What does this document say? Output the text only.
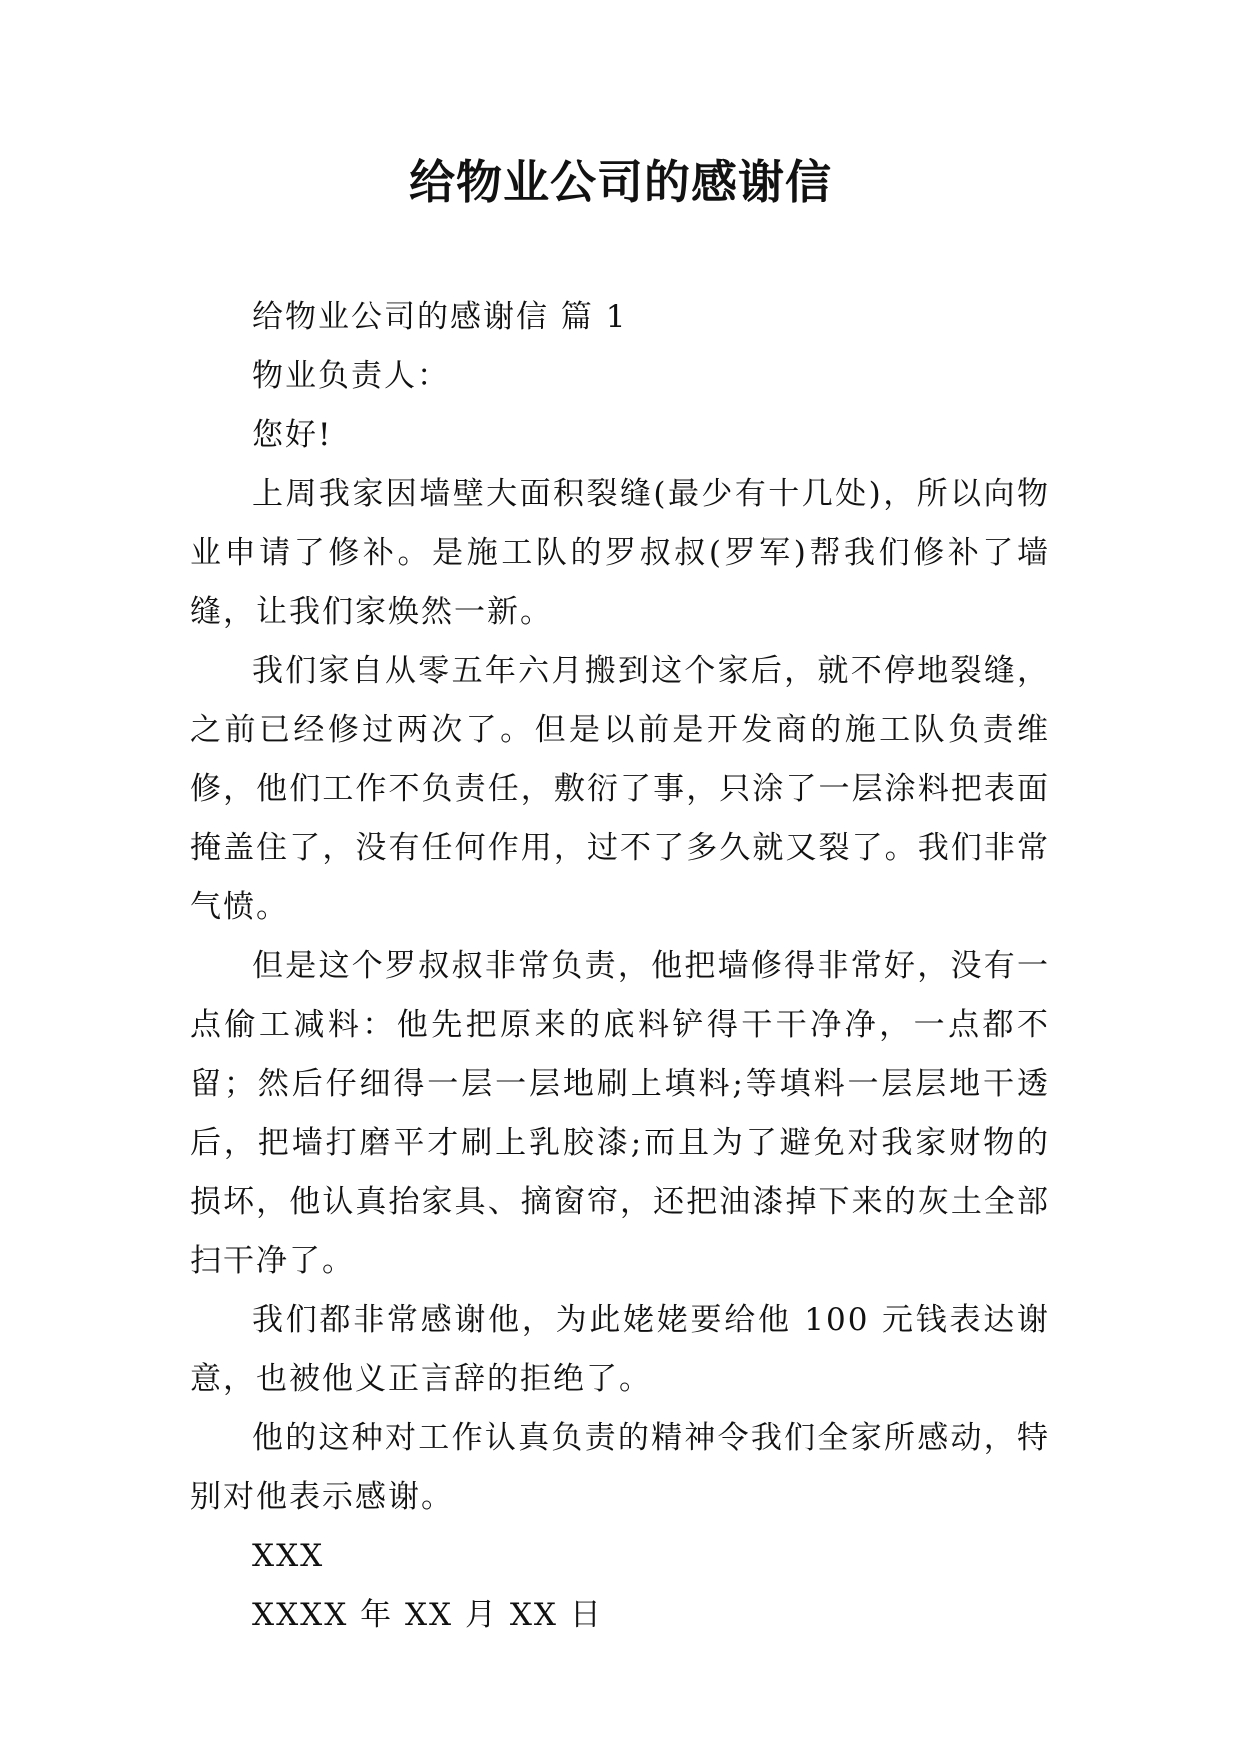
给物业公司的感谢信

给物业公司的感谢信 篇 1

物业负责人：

您好!

上周我家因墙壁大面积裂缝(最少有十几处)，所以向物业申请了修补。是施工队的罗叔叔(罗军)帮我们修补了墙缝，让我们家焕然一新。

我们家自从零五年六月搬到这个家后，就不停地裂缝，之前已经修过两次了。但是以前是开发商的施工队负责维修，他们工作不负责任，敷衍了事，只涂了一层涂料把表面掩盖住了，没有任何作用，过不了多久就又裂了。我们非常气愤。

但是这个罗叔叔非常负责，他把墙修得非常好，没有一点偷工减料：他先把原来的底料铲得干干净净，一点都不留；然后仔细得一层一层地刷上填料;等填料一层层地干透后，把墙打磨平才刷上乳胶漆;而且为了避免对我家财物的损坏，他认真抬家具、摘窗帘，还把油漆掉下来的灰土全部扫干净了。

我们都非常感谢他，为此姥姥要给他 100 元钱表达谢意，也被他义正言辞的拒绝了。

他的这种对工作认真负责的精神令我们全家所感动，特别对他表示感谢。

XXX

XXXX 年 XX 月 XX 日
